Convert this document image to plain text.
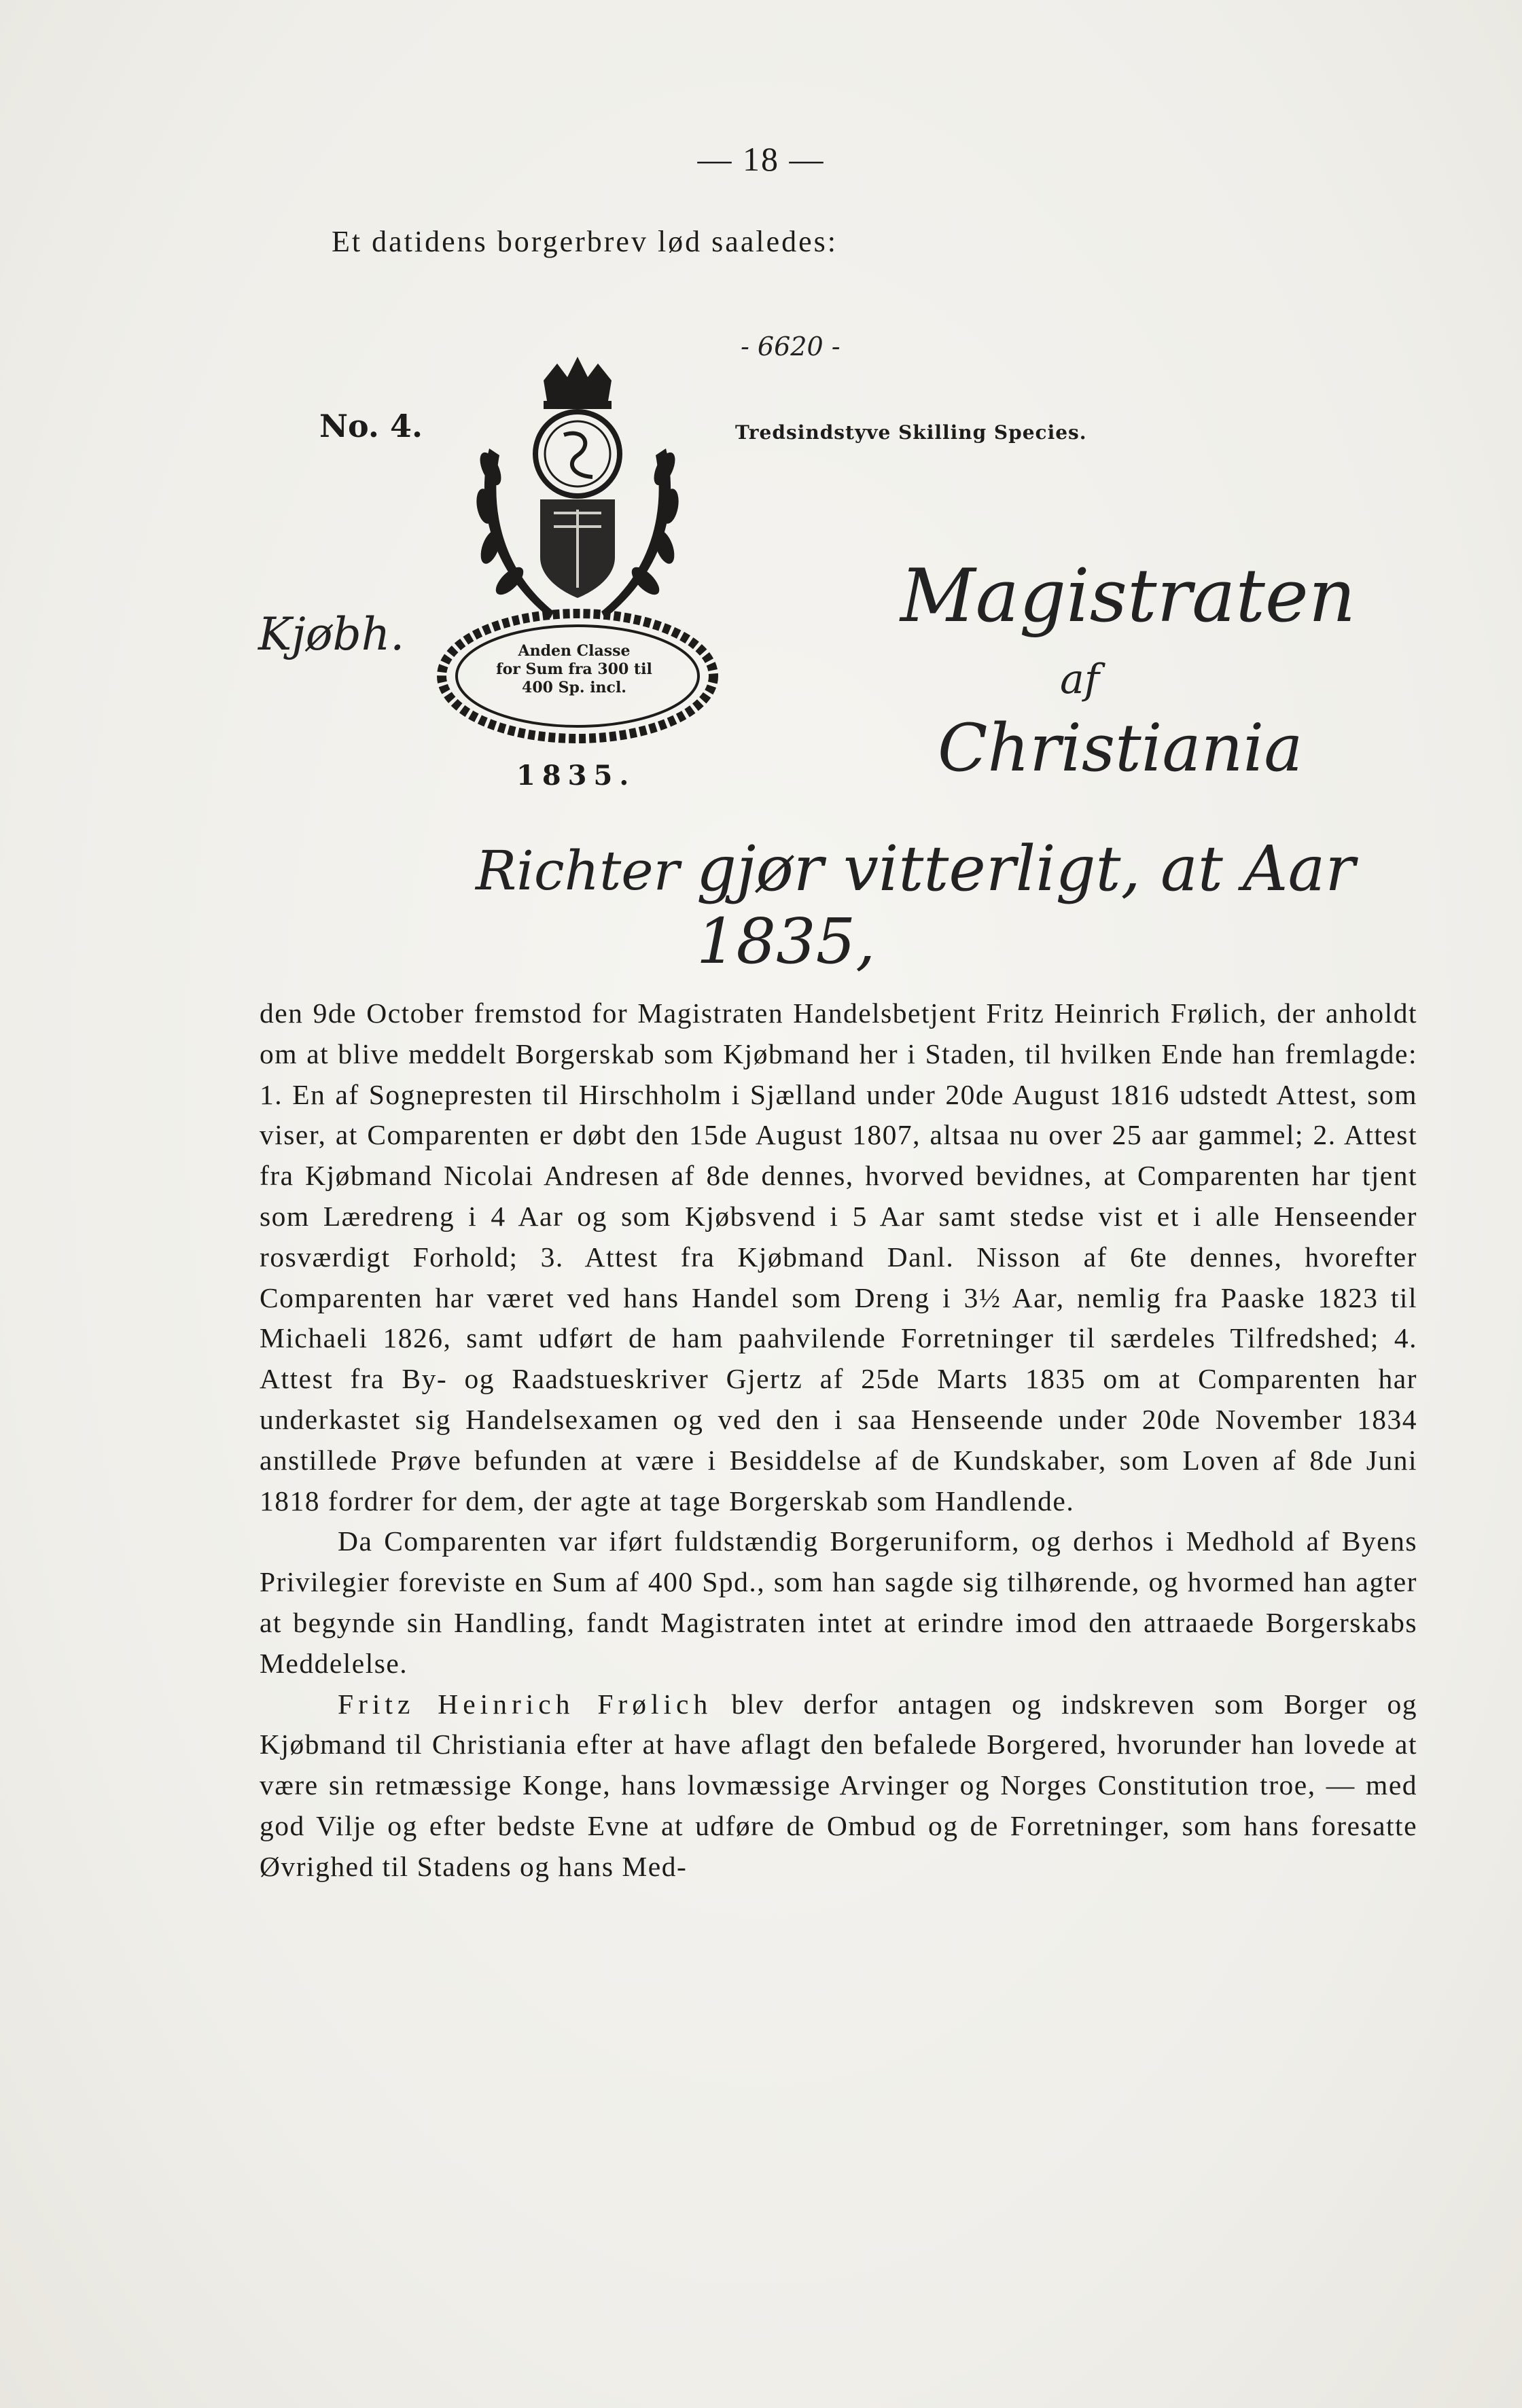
— 18 —
Et datidens borgerbrev lød saaledes:
- 6620 -
No. 4.	Tredsindstyve Skilling Species.
Anden Classe
for Sum fra 300 til
400 Sp. incl.
1835.
Kjøbh.
Richter
Magistraten
af
Christiania
gjør vitterligt, at Aar 1835,

den 9de October fremstod for Magistraten Handelsbetjent Fritz Heinrich Frølich, der anholdt om at blive meddelt Borgerskab som Kjøbmand her i Staden, til hvilken Ende han fremlagde: 1. En af Sognepresten til Hirschholm i Sjælland under 20de August 1816 udstedt Attest, som viser, at Comparenten er døbt den 15de August 1807, altsaa nu over 25 aar gammel; 2. Attest fra Kjøbmand Nicolai Andresen af 8de dennes, hvorved bevidnes, at Comparenten har tjent som Læredreng i 4 Aar og som Kjøbsvend i 5 Aar samt stedse vist et i alle Henseender rosværdigt Forhold; 3. Attest fra Kjøbmand Danl. Nisson af 6te dennes, hvorefter Comparenten har været ved hans Handel som Dreng i 3½ Aar, nemlig fra Paaske 1823 til Michaeli 1826, samt udført de ham paahvilende Forretninger til særdeles Tilfredshed; 4. Attest fra By- og Raadstueskriver Gjertz af 25de Marts 1835 om at Comparenten har underkastet sig Handelsexamen og ved den i saa Henseende under 20de November 1834 anstillede Prøve befunden at være i Besiddelse af de Kundskaber, som Loven af 8de Juni 1818 fordrer for dem, der agte at tage Borgerskab som Handlende.

Da Comparenten var iført fuldstændig Borgeruniform, og derhos i Medhold af Byens Privilegier foreviste en Sum af 400 Spd., som han sagde sig tilhørende, og hvormed han agter at begynde sin Handling, fandt Magistraten intet at erindre imod den attraaede Borgerskabs Meddelelse.

Fritz Heinrich Frølich blev derfor antagen og indskreven som Borger og Kjøbmand til Christiania efter at have aflagt den befalede Borgered, hvorunder han lovede at være sin retmæssige Konge, hans lovmæssige Arvinger og Norges Constitution troe, — med god Vilje og efter bedste Evne at udføre de Ombud og de Forretninger, som hans foresatte Øvrighed til Stadens og hans Med-
